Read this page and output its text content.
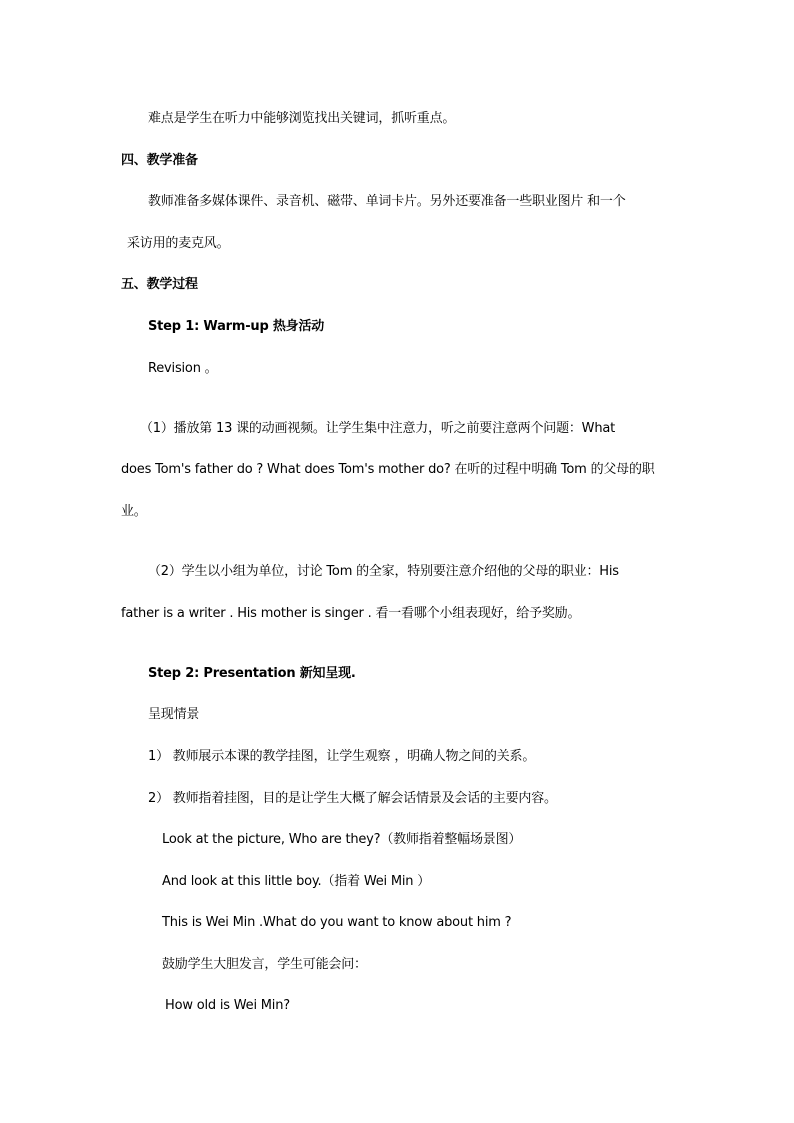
难点是学生在听力中能够浏览找出关键词，抓听重点。
四、教学准备
教师准备多媒体课件、录音机、磁带、单词卡片。另外还要准备一些职业图片 和一个
采访用的麦克风。
五、教学过程
Step 1: Warm-up 热身活动
Revision 。
（1）播放第 13 课的动画视频。让学生集中注意力，听之前要注意两个问题：What
does Tom's father do ? What does Tom's mother do? 在听的过程中明确 Tom 的父母的职
业。
（2）学生以小组为单位，讨论 Tom 的全家，特别要注意介绍他的父母的职业：His
father is a writer . His mother is singer . 看一看哪个小组表现好，给予奖励。
Step 2: Presentation 新知呈现.
呈现情景
1） 教师展示本课的教学挂图，让学生观察 ，明确人物之间的关系。
2） 教师指着挂图，目的是让学生大概了解会话情景及会话的主要内容。
Look at the picture, Who are they?（教师指着整幅场景图）
And look at this little boy.（指着 Wei Min ）
This is Wei Min .What do you want to know about him ?
鼓励学生大胆发言，学生可能会问：
How old is Wei Min?
